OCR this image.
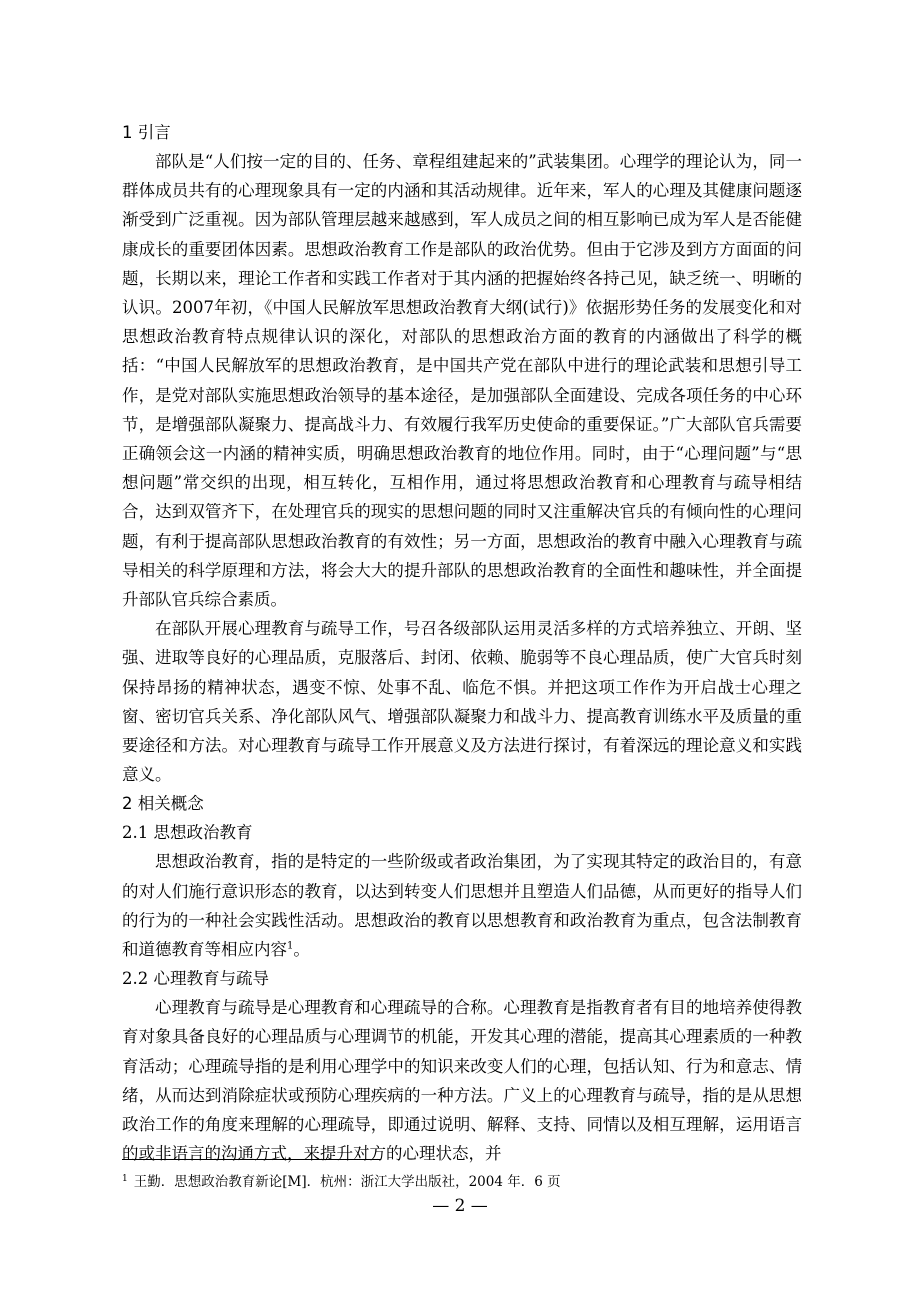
1 引言

部队是“人们按一定的目的、任务、章程组建起来的”武装集团。心理学的理论认为，同一群体成员共有的心理现象具有一定的内涵和其活动规律。近年来，军人的心理及其健康问题逐渐受到广泛重视。因为部队管理层越来越感到，军人成员之间的相互影响已成为军人是否能健康成长的重要团体因素。思想政治教育工作是部队的政治优势。但由于它涉及到方方面面的问题，长期以来，理论工作者和实践工作者对于其内涵的把握始终各持己见，缺乏统一、明晰的认识。2007年初，《中国人民解放军思想政治教育大纲(试行)》依据形势任务的发展变化和对思想政治教育特点规律认识的深化，对部队的思想政治方面的教育的内涵做出了科学的概括：“中国人民解放军的思想政治教育，是中国共产党在部队中进行的理论武装和思想引导工作，是党对部队实施思想政治领导的基本途径，是加强部队全面建设、完成各项任务的中心环节，是增强部队凝聚力、提高战斗力、有效履行我军历史使命的重要保证。”广大部队官兵需要正确领会这一内涵的精神实质，明确思想政治教育的地位作用。同时，由于“心理问题”与“思想问题”常交织的出现，相互转化，互相作用，通过将思想政治教育和心理教育与疏导相结合，达到双管齐下，在处理官兵的现实的思想问题的同时又注重解决官兵的有倾向性的心理问题，有利于提高部队思想政治教育的有效性；另一方面，思想政治的教育中融入心理教育与疏导相关的科学原理和方法，将会大大的提升部队的思想政治教育的全面性和趣味性，并全面提升部队官兵综合素质。

在部队开展心理教育与疏导工作，号召各级部队运用灵活多样的方式培养独立、开朗、坚强、进取等良好的心理品质，克服落后、封闭、依赖、脆弱等不良心理品质，使广大官兵时刻保持昂扬的精神状态，遇变不惊、处事不乱、临危不惧。并把这项工作作为开启战士心理之窗、密切官兵关系、净化部队风气、增强部队凝聚力和战斗力、提高教育训练水平及质量的重要途径和方法。对心理教育与疏导工作开展意义及方法进行探讨，有着深远的理论意义和实践意义。

2 相关概念
2.1 思想政治教育

思想政治教育，指的是特定的一些阶级或者政治集团，为了实现其特定的政治目的，有意的对人们施行意识形态的教育，以达到转变人们思想并且塑造人们品德，从而更好的指导人们的行为的一种社会实践性活动。思想政治的教育以思想教育和政治教育为重点，包含法制教育和道德教育等相应内容$^1$。

2.2 心理教育与疏导

心理教育与疏导是心理教育和心理疏导的合称。心理教育是指教育者有目的地培养使得教育对象具备良好的心理品质与心理调节的机能，开发其心理的潜能，提高其心理素质的一种教育活动；心理疏导指的是利用心理学中的知识来改变人们的心理，包括认知、行为和意志、情绪，从而达到消除症状或预防心理疾病的一种方法。广义上的心理教育与疏导，指的是从思想政治工作的角度来理解的心理疏导，即通过说明、解释、支持、同情以及相互理解，运用语言的或非语言的沟通方式，来提升对方的心理状态，并

$^1$ 王勤．思想政治教育新论[M]．杭州：浙江大学出版社，2004 年．6 页
— 2 —
